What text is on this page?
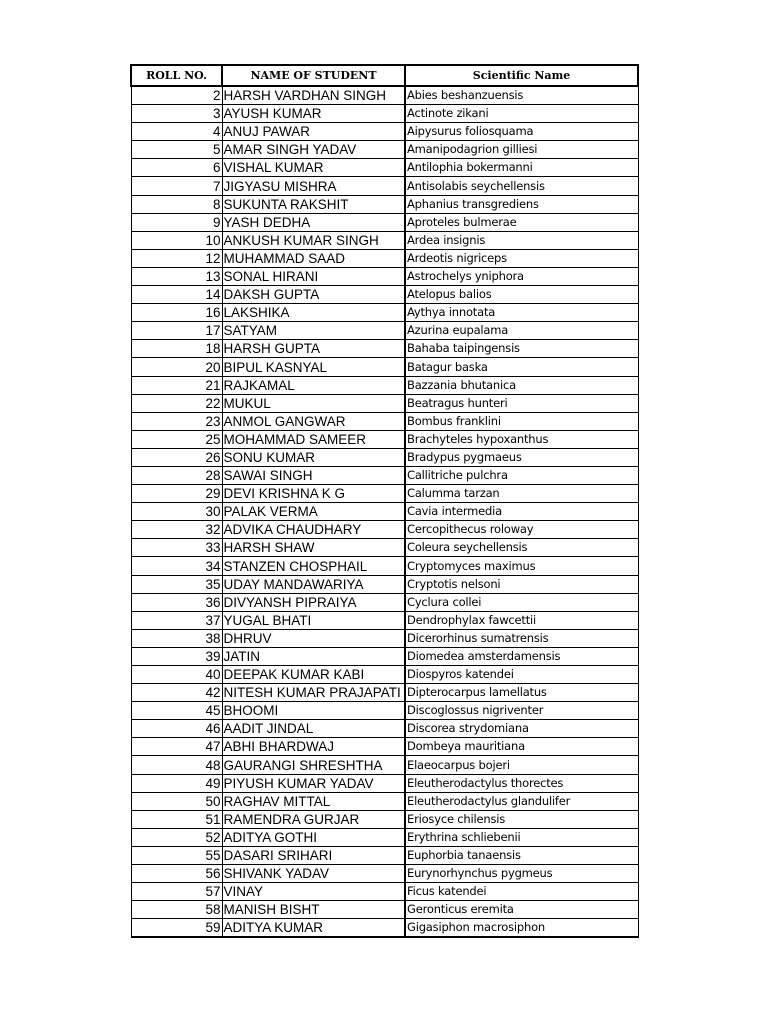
ROLL NO.	NAME OF STUDENT	Scientific Name
2	HARSH VARDHAN SINGH	Abies beshanzuensis
3	AYUSH KUMAR	Actinote zikani
4	ANUJ PAWAR	Aipysurus foliosquama
5	AMAR SINGH YADAV	Amanipodagrion gilliesi
6	VISHAL KUMAR	Antilophia bokermanni
7	JIGYASU MISHRA	Antisolabis seychellensis
8	SUKUNTA RAKSHIT	Aphanius transgrediens
9	YASH DEDHA	Aproteles bulmerae
10	ANKUSH KUMAR SINGH	Ardea insignis
12	MUHAMMAD SAAD	Ardeotis nigriceps
13	SONAL HIRANI	Astrochelys yniphora
14	DAKSH GUPTA	Atelopus balios
16	LAKSHIKA	Aythya innotata
17	SATYAM	Azurina eupalama
18	HARSH GUPTA	Bahaba taipingensis
20	BIPUL KASNYAL	Batagur baska
21	RAJKAMAL	Bazzania bhutanica
22	MUKUL	Beatragus hunteri
23	ANMOL GANGWAR	Bombus franklini
25	MOHAMMAD SAMEER	Brachyteles hypoxanthus
26	SONU KUMAR	Bradypus pygmaeus
28	SAWAI SINGH	Callitriche pulchra
29	DEVI KRISHNA K G	Calumma tarzan
30	PALAK VERMA	Cavia intermedia
32	ADVIKA CHAUDHARY	Cercopithecus roloway
33	HARSH SHAW	Coleura seychellensis
34	STANZEN CHOSPHAIL	Cryptomyces maximus
35	UDAY MANDAWARIYA	Cryptotis nelsoni
36	DIVYANSH PIPRAIYA	Cyclura collei
37	YUGAL BHATI	Dendrophylax fawcettii
38	DHRUV	Dicerorhinus sumatrensis
39	JATIN	Diomedea amsterdamensis
40	DEEPAK KUMAR KABI	Diospyros katendei
42	NITESH KUMAR PRAJAPATI	Dipterocarpus lamellatus
45	BHOOMI	Discoglossus nigriventer
46	AADIT JINDAL	Discorea strydomiana
47	ABHI BHARDWAJ	Dombeya mauritiana
48	GAURANGI SHRESHTHA	Elaeocarpus bojeri
49	PIYUSH KUMAR YADAV	Eleutherodactylus thorectes
50	RAGHAV MITTAL	Eleutherodactylus glandulifer
51	RAMENDRA GURJAR	Eriosyce chilensis
52	ADITYA GOTHI	Erythrina schliebenii
55	DASARI SRIHARI	Euphorbia tanaensis
56	SHIVANK YADAV	Eurynorhynchus pygmeus
57	VINAY	Ficus katendei
58	MANISH BISHT	Geronticus eremita
59	ADITYA KUMAR	Gigasiphon macrosiphon
